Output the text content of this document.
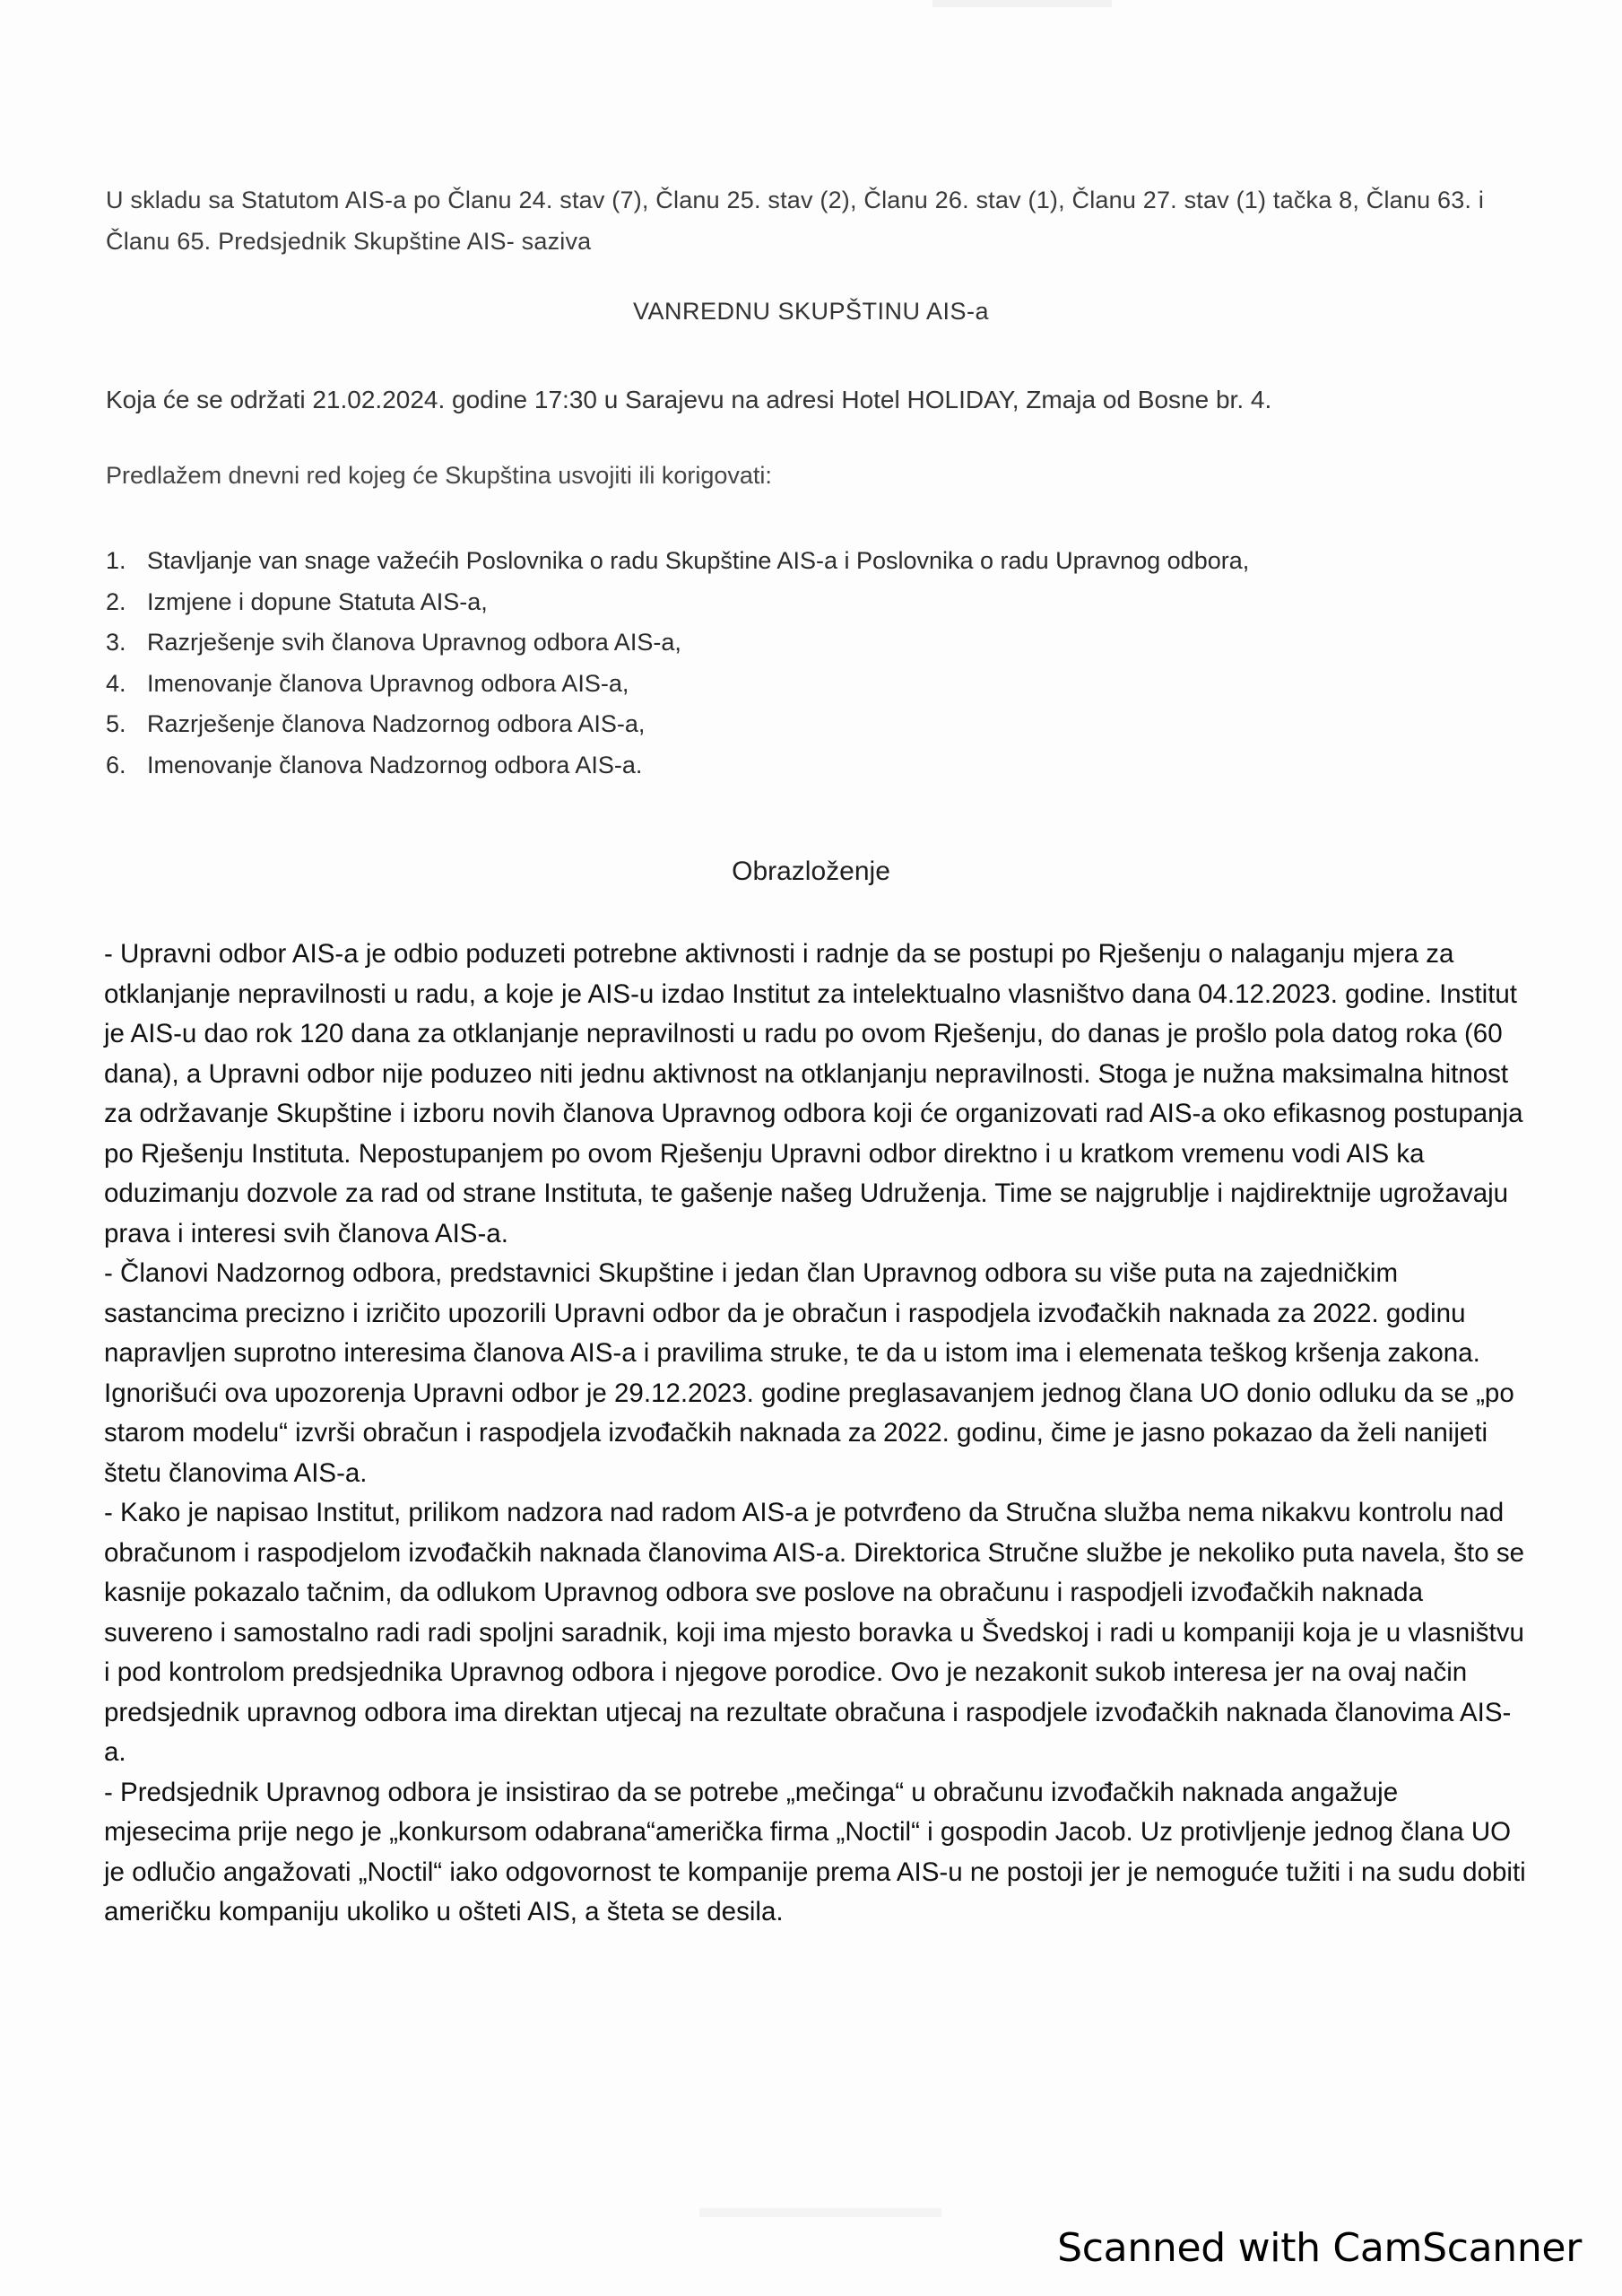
U skladu sa Statutom AIS-a po Članu 24. stav (7), Članu 25. stav (2), Članu 26. stav (1), Članu 27. stav (1) tačka 8, Članu 63. i Članu 65. Predsjednik Skupštine AIS- saziva
VANREDNU SKUPŠTINU AIS-a
Koja će se održati 21.02.2024. godine 17:30 u Sarajevu na adresi Hotel HOLIDAY, Zmaja od Bosne br. 4.
Predlažem dnevni red kojeg će Skupština usvojiti ili korigovati:
1. Stavljanje van snage važećih Poslovnika o radu Skupštine AIS-a i Poslovnika o radu Upravnog odbora,
2. Izmjene i dopune Statuta AIS-a,
3. Razrješenje svih članova Upravnog odbora AIS-a,
4. Imenovanje članova Upravnog odbora AIS-a,
5. Razrješenje članova Nadzornog odbora AIS-a,
6. Imenovanje članova Nadzornog odbora AIS-a.
Obrazloženje

- Upravni odbor AIS-a je odbio poduzeti potrebne aktivnosti i radnje da se postupi po Rješenju o nalaganju mjera za otklanjanje nepravilnosti u radu, a koje je AIS-u izdao Institut za intelektualno vlasništvo dana 04.12.2023. godine. Institut je AIS-u dao rok 120 dana za otklanjanje nepravilnosti u radu po ovom Rješenju, do danas je prošlo pola datog roka (60 dana), a Upravni odbor nije poduzeo niti jednu aktivnost na otklanjanju nepravilnosti. Stoga je nužna maksimalna hitnost za održavanje Skupštine i izboru novih članova Upravnog odbora koji će organizovati rad AIS-a oko efikasnog postupanja po Rješenju Instituta. Nepostupanjem po ovom Rješenju Upravni odbor direktno i u kratkom vremenu vodi AIS ka oduzimanju dozvole za rad od strane Instituta, te gašenje našeg Udruženja. Time se najgrublje i najdirektnije ugrožavaju prava i interesi svih članova AIS-a.

- Članovi Nadzornog odbora, predstavnici Skupštine i jedan član Upravnog odbora su više puta na zajedničkim sastancima precizno i izričito upozorili Upravni odbor da je obračun i raspodjela izvođačkih naknada za 2022. godinu napravljen suprotno interesima članova AIS-a i pravilima struke, te da u istom ima i elemenata teškog kršenja zakona. Ignorišući ova upozorenja Upravni odbor je 29.12.2023. godine preglasavanjem jednog člana UO donio odluku da se „po starom modelu“ izvrši obračun i raspodjela izvođačkih naknada za 2022. godinu, čime je jasno pokazao da želi nanijeti štetu članovima AIS-a.

- Kako je napisao Institut, prilikom nadzora nad radom AIS-a je potvrđeno da Stručna služba nema nikakvu kontrolu nad obračunom i raspodjelom izvođačkih naknada članovima AIS-a. Direktorica Stručne službe je nekoliko puta navela, što se kasnije pokazalo tačnim, da odlukom Upravnog odbora sve poslove na obračunu i raspodjeli izvođačkih naknada suvereno i samostalno radi radi spoljni saradnik, koji ima mjesto boravka u Švedskoj i radi u kompaniji koja je u vlasništvu i pod kontrolom predsjednika Upravnog odbora i njegove porodice. Ovo je nezakonit sukob interesa jer na ovaj način predsjednik upravnog odbora ima direktan utjecaj na rezultate obračuna i raspodjele izvođačkih naknada članovima AIS-a.

- Predsjednik Upravnog odbora je insistirao da se potrebe „mečinga“ u obračunu izvođačkih naknada angažuje mjesecima prije nego je „konkursom odabrana“američka firma „Noctil“ i gospodin Jacob. Uz protivljenje jednog člana UO je odlučio angažovati „Noctil“ iako odgovornost te kompanije prema AIS-u ne postoji jer je nemoguće tužiti i na sudu dobiti američku kompaniju ukoliko u ošteti AIS, a šteta se desila.

Scanned with CamScanner
